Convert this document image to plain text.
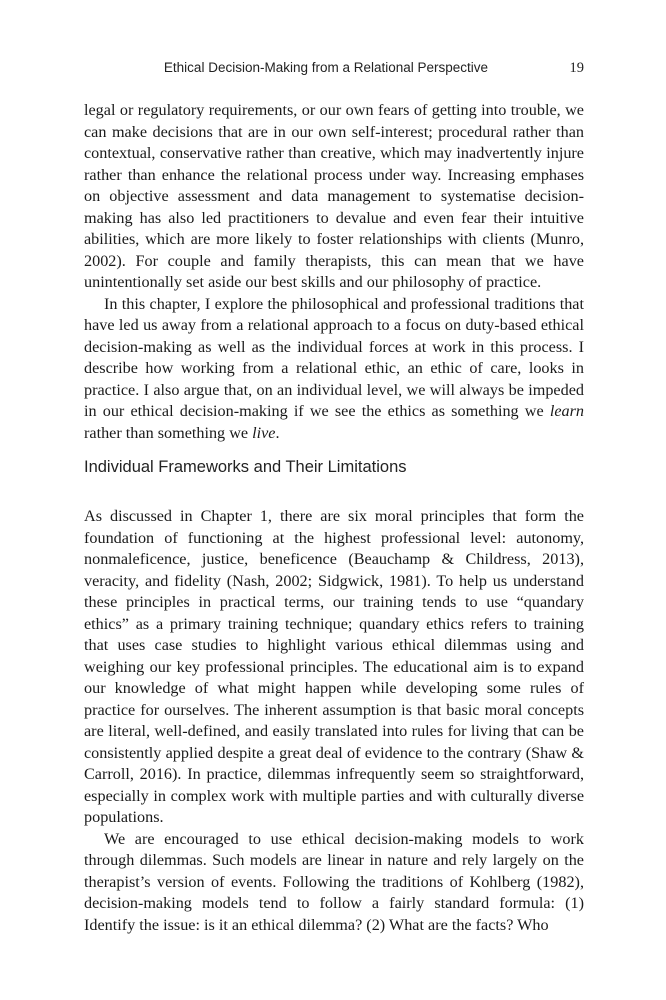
Ethical Decision-Making from a Relational Perspective	19

legal or regulatory requirements, or our own fears of getting into trouble, we can make decisions that are in our own self-interest; procedural rather than contextual, conservative rather than creative, which may inadvertently injure rather than enhance the relational process under way. Increasing emphases on objective assessment and data management to systematise decision-making has also led practitioners to devalue and even fear their intuitive abilities, which are more likely to foster relationships with clients (Munro, 2002). For couple and family therapists, this can mean that we have unintentionally set aside our best skills and our philosophy of practice.

In this chapter, I explore the philosophical and professional traditions that have led us away from a relational approach to a focus on duty-based ethical decision-making as well as the individual forces at work in this process. I describe how working from a relational ethic, an ethic of care, looks in practice. I also argue that, on an individual level, we will always be impeded in our ethical decision-making if we see the ethics as something we learn rather than something we live.

Individual Frameworks and Their Limitations

As discussed in Chapter 1, there are six moral principles that form the foundation of functioning at the highest professional level: autonomy, nonmaleficence, justice, beneficence (Beauchamp & Childress, 2013), veracity, and fidelity (Nash, 2002; Sidgwick, 1981). To help us understand these principles in practical terms, our training tends to use “quandary ethics” as a primary training technique; quandary ethics refers to training that uses case studies to highlight various ethical dilemmas using and weighing our key professional principles. The educational aim is to expand our knowledge of what might happen while developing some rules of practice for ourselves. The inherent assumption is that basic moral concepts are literal, well-defined, and easily translated into rules for living that can be consistently applied despite a great deal of evidence to the contrary (Shaw & Carroll, 2016). In practice, dilemmas infrequently seem so straightforward, especially in complex work with multiple parties and with culturally diverse populations.

We are encouraged to use ethical decision-making models to work through dilemmas. Such models are linear in nature and rely largely on the therapist’s version of events. Following the traditions of Kohlberg (1982), decision-making models tend to follow a fairly standard formula: (1) Identify the issue: is it an ethical dilemma? (2) What are the facts? Who
